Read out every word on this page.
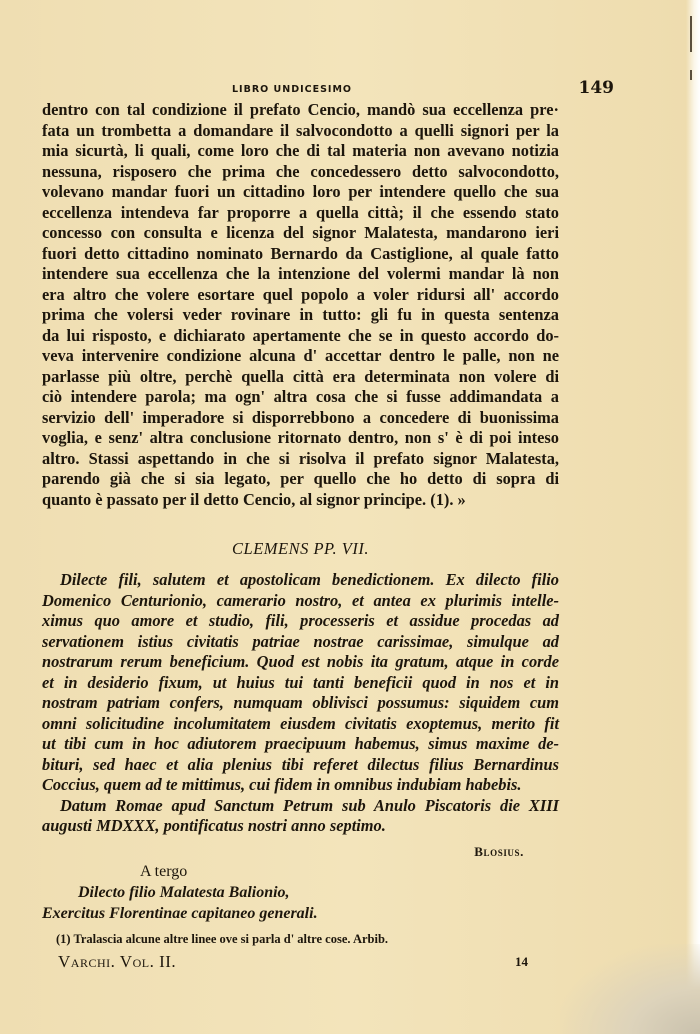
LIBRO UNDICESIMO	149
dentro con tal condizione il prefato Cencio, mandò sua eccellenza pre·
fata un trombetta a domandare il salvocondotto a quelli signori per la
mia sicurtà, li quali, come loro che di tal materia non avevano notizia
nessuna, risposero che prima che concedessero detto salvocondotto,
volevano mandar fuori un cittadino loro per intendere quello che sua
eccellenza intendeva far proporre a quella città; il che essendo stato
concesso con consulta e licenza del signor Malatesta, mandarono ieri
fuori detto cittadino nominato Bernardo da Castiglione, al quale fatto
intendere sua eccellenza che la intenzione del volermi mandar là non
era altro che volere esortare quel popolo a voler ridursi all' accordo
prima che volersi veder rovinare in tutto: gli fu in questa sentenza
da lui risposto, e dichiarato apertamente che se in questo accordo do-
veva intervenire condizione alcuna d' accettar dentro le palle, non ne
parlasse più oltre, perchè quella città era determinata non volere di
ciò intendere parola; ma ogn' altra cosa che si fusse addimandata a
servizio dell' imperadore si disporrebbono a concedere di buonissima
voglia, e senz' altra conclusione ritornato dentro, non s' è di poi inteso
altro. Stassi aspettando in che si risolva il prefato signor Malatesta,
parendo già che si sia legato, per quello che ho detto di sopra di
quanto è passato per il detto Cencio, al signor principe. (1). »
CLEMENS PP. VII.
Dilecte fili, salutem et apostolicam benedictionem. Ex dilecto filio
Domenico Centurionio, camerario nostro, et antea ex plurimis intelle-
ximus quo amore et studio, fili, processeris et assidue procedas ad
servationem istius civitatis patriae nostrae carissimae, simulque ad
nostrarum rerum beneficium. Quod est nobis ita gratum, atque in corde
et in desiderio fixum, ut huius tui tanti beneficii quod in nos et in
nostram patriam confers, numquam oblivisci possumus: siquidem cum
omni solicitudine incolumitatem eiusdem civitatis exoptemus, merito fit
ut tibi cum in hoc adiutorem praecipuum habemus, simus maxime de-
bituri, sed haec et alia plenius tibi referet dilectus filius Bernardinus
Coccius, quem ad te mittimus, cui fidem in omnibus indubiam habebis.
Datum Romae apud Sanctum Petrum sub Anulo Piscatoris die XIII
augusti MDXXX, pontificatus nostri anno septimo.
Blosius.
A tergo
Dilecto filio Malatesta Balionio,
Exercitus Florentinae capitaneo generali.
(1) Tralascia alcune altre linee ove si parla d' altre cose. Arbib.
Varchi. Vol. II.	14
